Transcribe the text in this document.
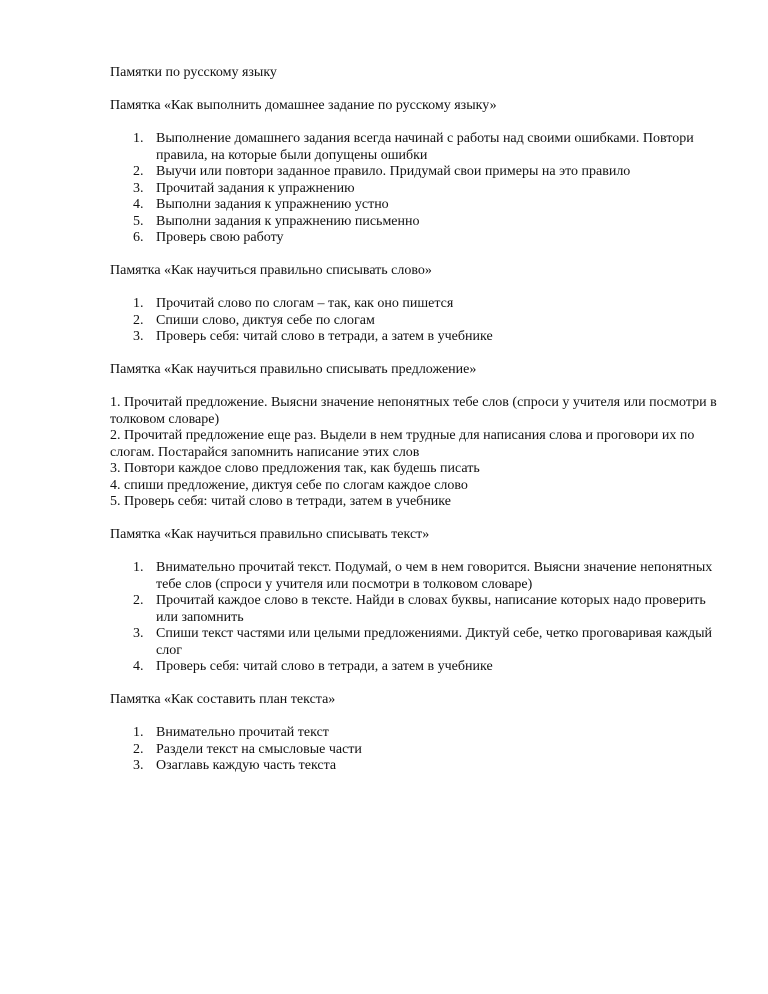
Памятки по русскому языку

Памятка «Как выполнить домашнее задание по русскому языку»

1. Выполнение домашнего задания всегда начинай с работы над своими ошибками. Повтори правила, на которые были допущены ошибки
2. Выучи или повтори заданное правило. Придумай свои примеры на это правило
3. Прочитай задания к упражнению
4. Выполни задания к упражнению устно
5. Выполни задания к упражнению письменно
6. Проверь свою работу

Памятка «Как научиться правильно списывать слово»

1. Прочитай слово по слогам – так, как оно пишется
2. Спиши слово, диктуя себе по слогам
3. Проверь себя: читай слово в тетради, а затем в учебнике

Памятка «Как научиться правильно списывать предложение»

1. Прочитай предложение. Выясни значение непонятных тебе слов (спроси у учителя или посмотри в толковом словаре)

2. Прочитай предложение еще раз. Выдели в нем трудные для написания слова и проговори их по слогам. Постарайся запомнить написание этих слов

3. Повтори каждое слово предложения так, как будешь писать

4. спиши предложение, диктуя себе по слогам каждое слово

5. Проверь себя: читай слово в тетради, затем в учебнике

Памятка «Как научиться правильно списывать текст»

1. Внимательно прочитай текст. Подумай, о чем в нем говорится. Выясни значение непонятных тебе слов (спроси у учителя или посмотри в толковом словаре)
2. Прочитай каждое слово в тексте. Найди в словах буквы, написание которых надо проверить или запомнить
3. Спиши текст частями или целыми предложениями. Диктуй себе, четко проговаривая каждый слог
4. Проверь себя: читай слово в тетради, а затем в учебнике

Памятка «Как составить план текста»

1. Внимательно прочитай текст
2. Раздели текст на смысловые части
3. Озаглавь каждую часть текста
